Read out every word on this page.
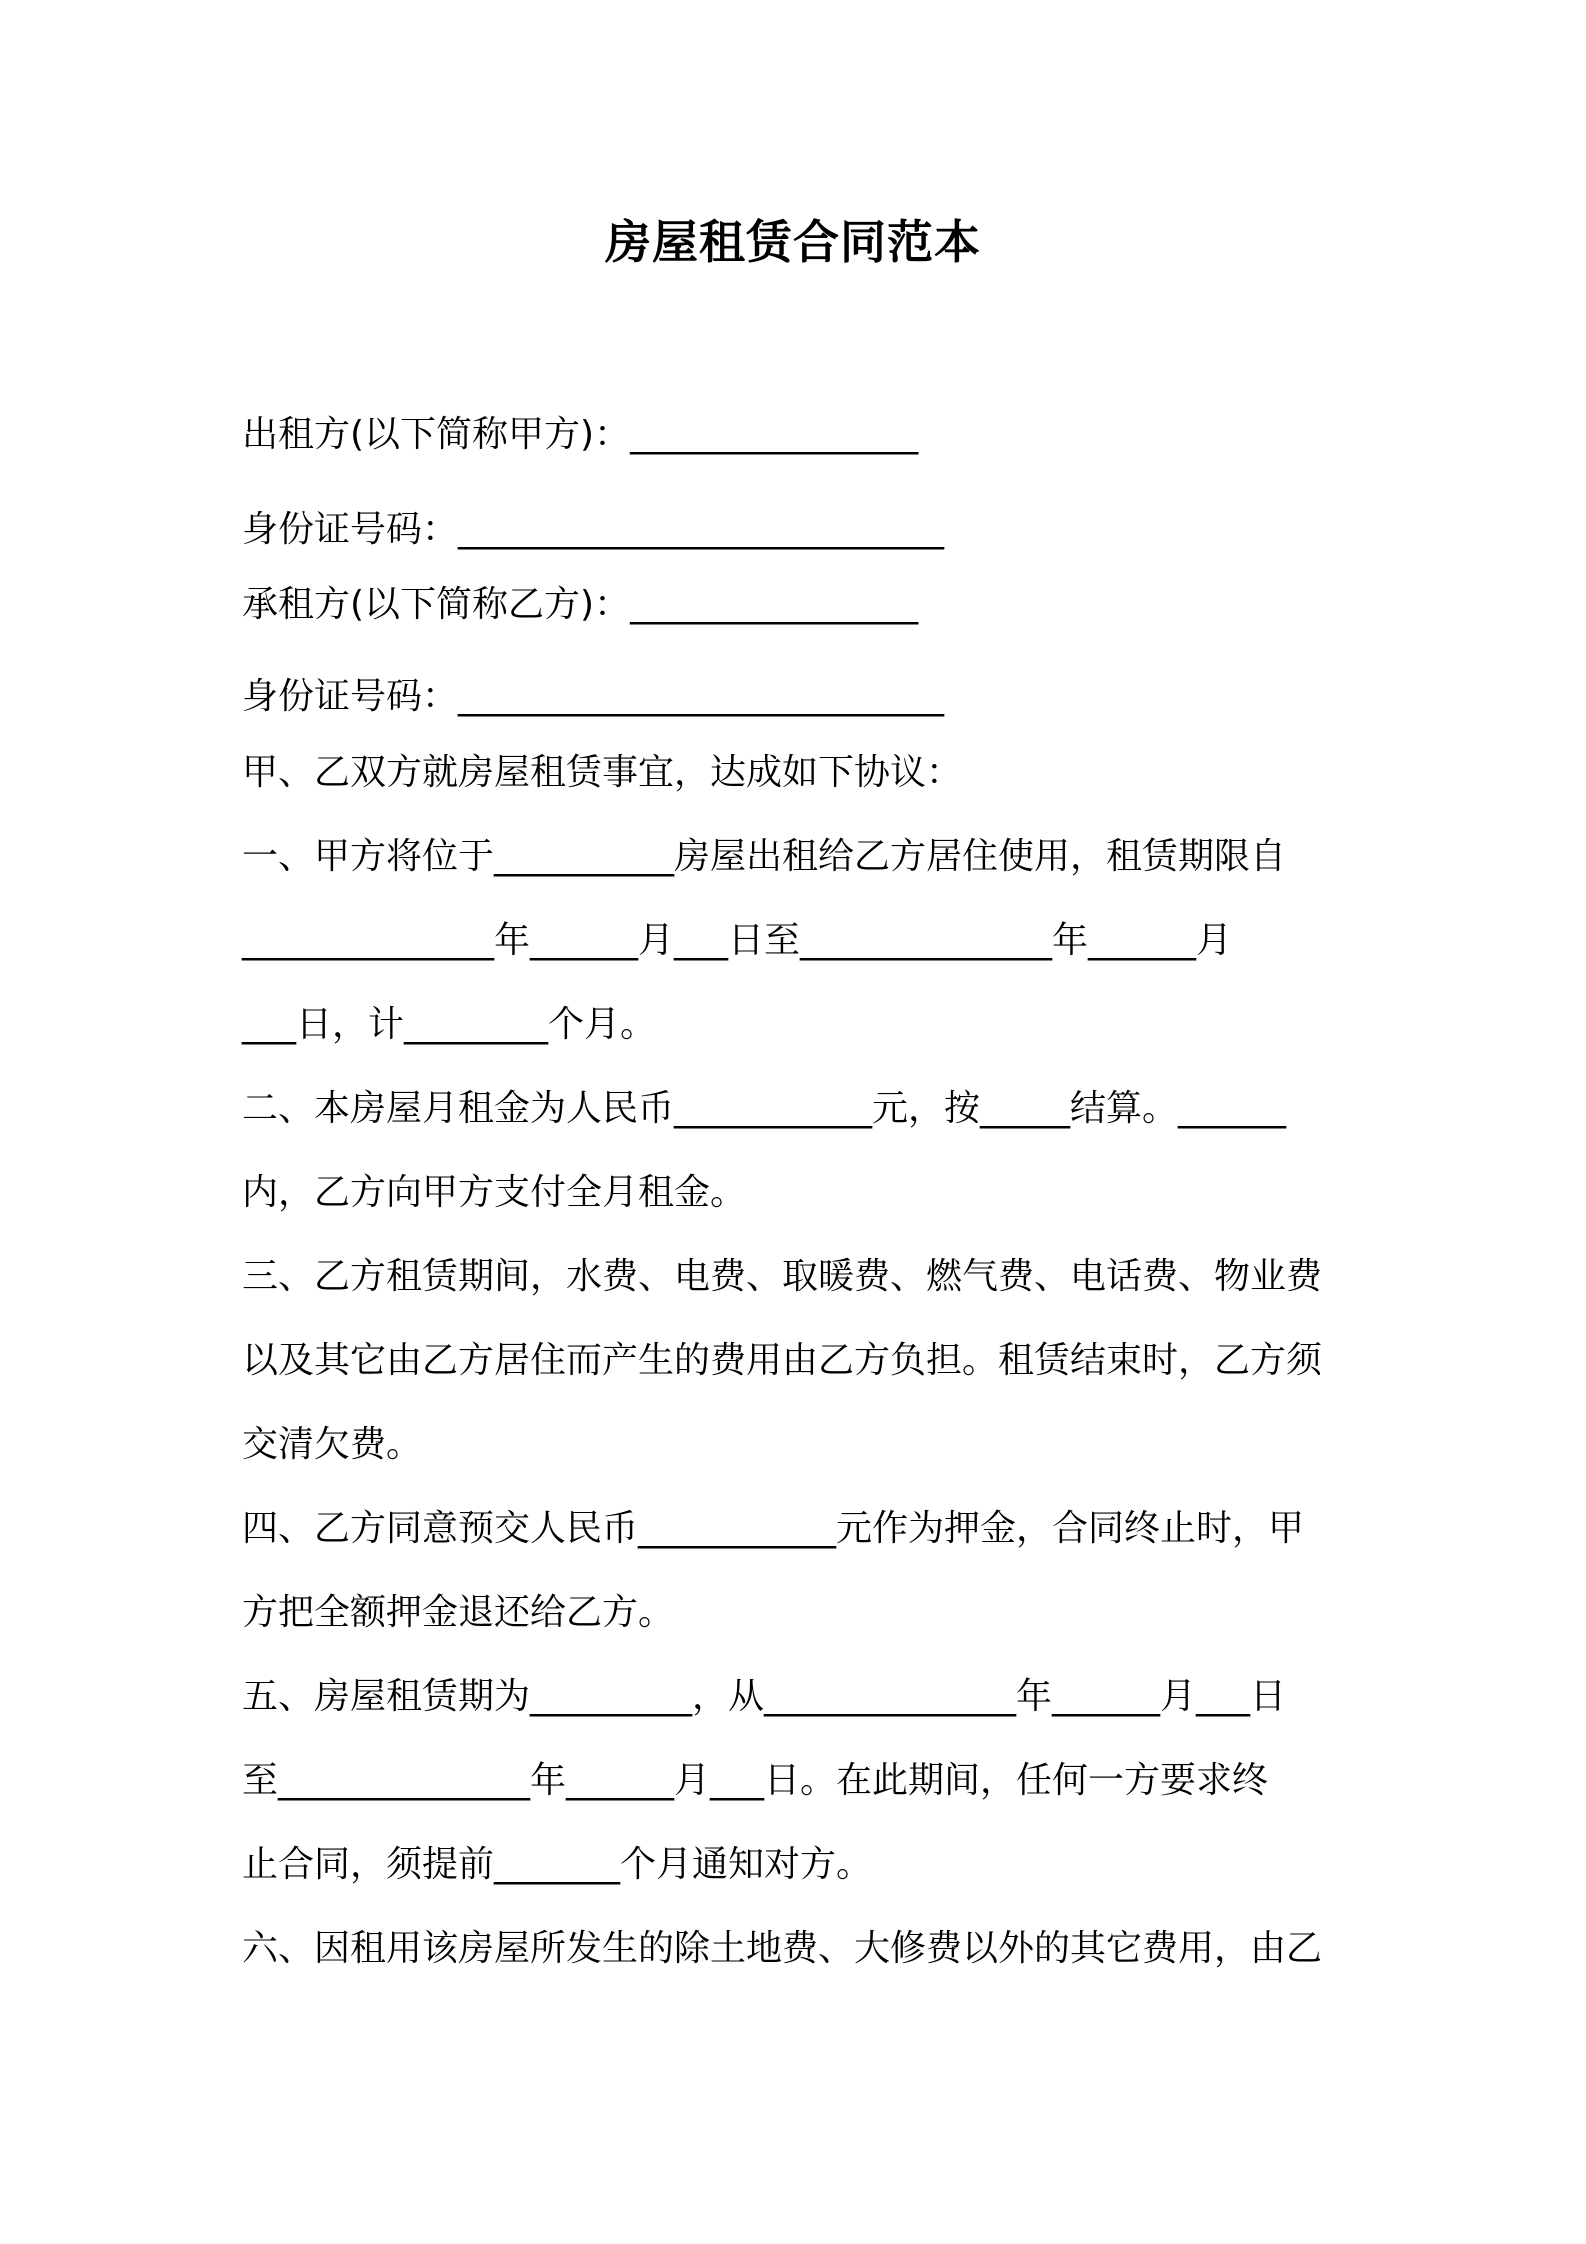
房屋租赁合同范本
出租方(以下简称甲方)：________________
身份证号码：___________________________
承租方(以下简称乙方)：________________
身份证号码：___________________________
甲、乙双方就房屋租赁事宜，达成如下协议：
一、甲方将位于__________房屋出租给乙方居住使用，租赁期限自
______________年______月___日至______________年______月
___日，计________个月。
二、本房屋月租金为人民币___________元，按_____结算。______
内，乙方向甲方支付全月租金。
三、乙方租赁期间，水费、电费、取暖费、燃气费、电话费、物业费
以及其它由乙方居住而产生的费用由乙方负担。租赁结束时，乙方须
交清欠费。
四、乙方同意预交人民币___________元作为押金，合同终止时，甲
方把全额押金退还给乙方。
五、房屋租赁期为_________，从______________年______月___日
至______________年______月___日。在此期间，任何一方要求终
止合同，须提前_______个月通知对方。
六、因租用该房屋所发生的除土地费、大修费以外的其它费用，由乙
